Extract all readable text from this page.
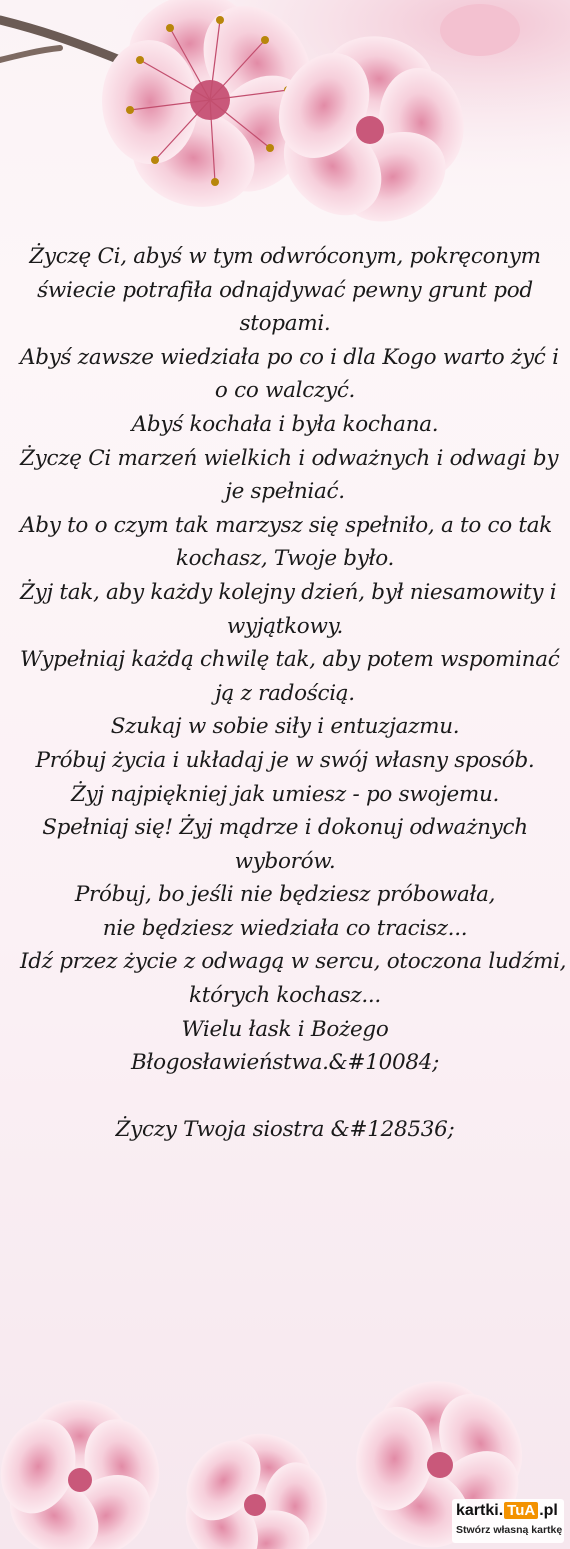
Życzę Ci, abyś w tym odwróconym, pokręconym
świecie potrafiła odnajdywać pewny grunt pod
stopami.
Abyś zawsze wiedziała po co i dla Kogo warto żyć i
o co walczyć.
Abyś kochała i była kochana.
Życzę Ci marzeń wielkich i odważnych i odwagi by
je spełniać.
Aby to o czym tak marzysz się spełniło, a to co tak
kochasz, Twoje było.
Żyj tak, aby każdy kolejny dzień, był niesamowity i
wyjątkowy.
Wypełniaj każdą chwilę tak, aby potem wspominać
ją z radością.
Szukaj w sobie siły i entuzjazmu.
Próbuj życia i układaj je w swój własny sposób.
Żyj najpiękniej jak umiesz - po swojemu.
Spełniaj się! Żyj mądrze i dokonuj odważnych
wyborów.
Próbuj, bo jeśli nie będziesz próbowała,
nie będziesz wiedziała co tracisz...
Idź przez życie z odwagą w sercu, otoczona ludźmi,
których kochasz...
Wielu łask i Bożego
Błogosławieństwa.&#10084;
Życzy Twoja siostra &#128536;
kartki. TuA .pl
Stwórz własną kartkę
